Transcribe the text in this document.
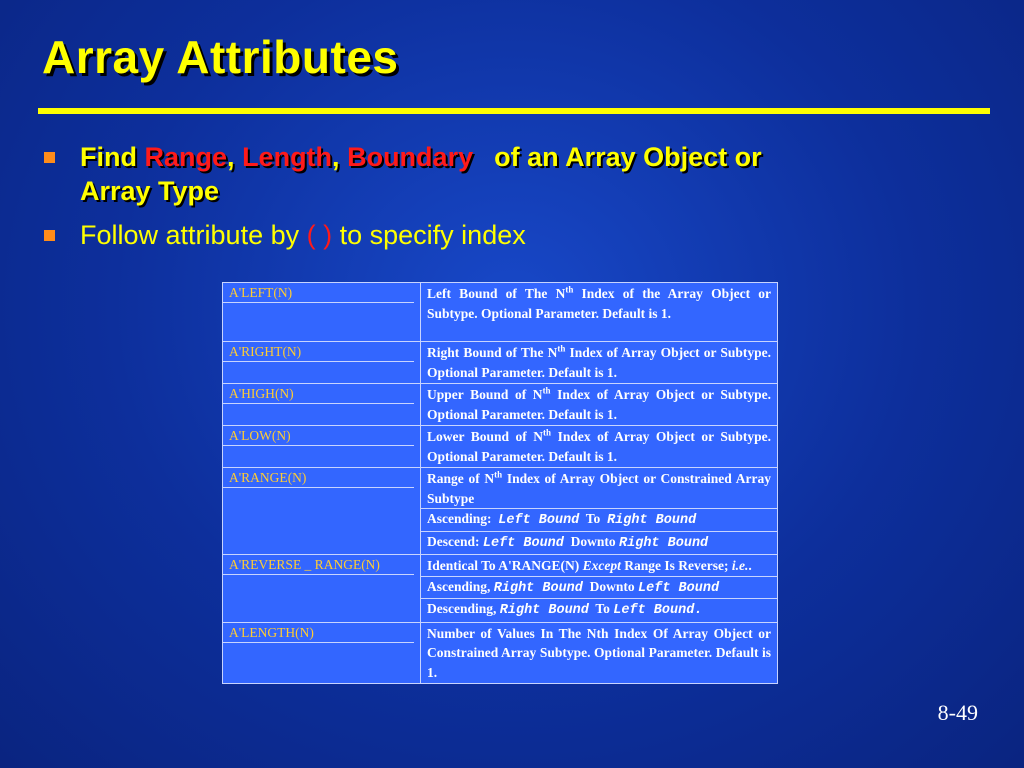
Array Attributes
Find Range, Length, Boundary of an Array Object or
Array Type
Follow attribute by ( ) to specify index
A'LEFT(N)	Left Bound of The $N^{th}$ Index of the Array Object or Subtype. Optional Parameter. Default is 1.

A'RIGHT(N)	Right Bound of The $N^{th}$ Index of Array Object or Subtype. Optional Parameter. Default is 1.

A'HIGH(N)	Upper Bound of $N^{th}$ Index of Array Object or Subtype. Optional Parameter. Default is 1.

A'LOW(N)	Lower Bound of $N^{th}$ Index of Array Object or Subtype. Optional Parameter. Default is 1.

A'RANGE(N)	Range of $N^{th}$ Index of Array Object or Constrained Array Subtype
Ascending: Left Bound To Right Bound
Descend: Left Bound Downto Right Bound

A'REVERSE _ RANGE(N)	Identical To A'RANGE(N) Except Range Is Reverse; i.e..
Ascending, Right Bound Downto Left Bound
Descending, Right Bound To Left Bound.

A'LENGTH(N)	Number of Values In The Nth Index Of Array Object or Constrained Array Subtype. Optional Parameter. Default is 1.
8-49
